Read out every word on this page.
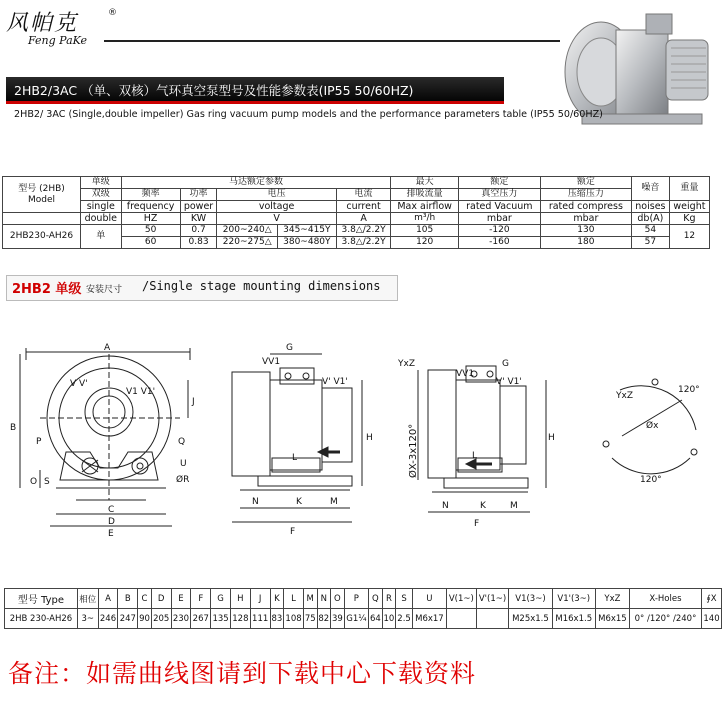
风帕克	®
Feng PaKe
2HB2/3AC （单、双核）气环真空泵型号及性能参数表(IP55 50/60HZ)
2HB2/ 3AC (Single,double impeller) Gas ring vacuum pump models and the performance parameters table (IP55 50/60HZ)
型号 (2HB)
Model	单级	马达额定参数					最大	额定	额定	噪音	重量
	双级	频率	功率	电压		电流	排吸流量	真空压力	压缩压力		
	single	frequency	power	voltage		current	Max airflow	rated Vacuum	rated compress	noises	weight
	double	HZ	KW	V		A	m³/h	mbar	mbar	db(A)	Kg
2HB230-AH26	单	50	0.7	200~240△	345~415Y	3.8△/2.2Y	105	-120	130	54	12
		60	0.83	220~275△	380~480Y	3.8△/2.2Y	120	-160	180	57	
2HB2 单级 安装尺寸 /Single stage mounting dimensions
A
B
C
D
E
J
P	Q
ØR
U
O S
V V'
V1 V1'
G
H
F
N	K	M
L
VV1
V' V1'
G
H
F
N	K	M
L
YxZ
VV1
V' V1'
ØX-3x120°
120°
120°
Øx
YxZ
型号 Type	相位	A	B	C	D	E	F	G	H	J	K	L	M	N	O	P	Q	R	S	U	V(1~)	V'(1~)	V1(3~)	V1'(3~)	YxZ	X-Holes	∮X
2HB 230-AH26	3~	246	247	90	205	230	267	135	128	111	83	108	75	82	39	G1¼	64	10	2.5	M6x17			M25x1.5	M16x1.5	M6x15	0° /120° /240°	140
备注：如需曲线图请到下载中心下载资料
